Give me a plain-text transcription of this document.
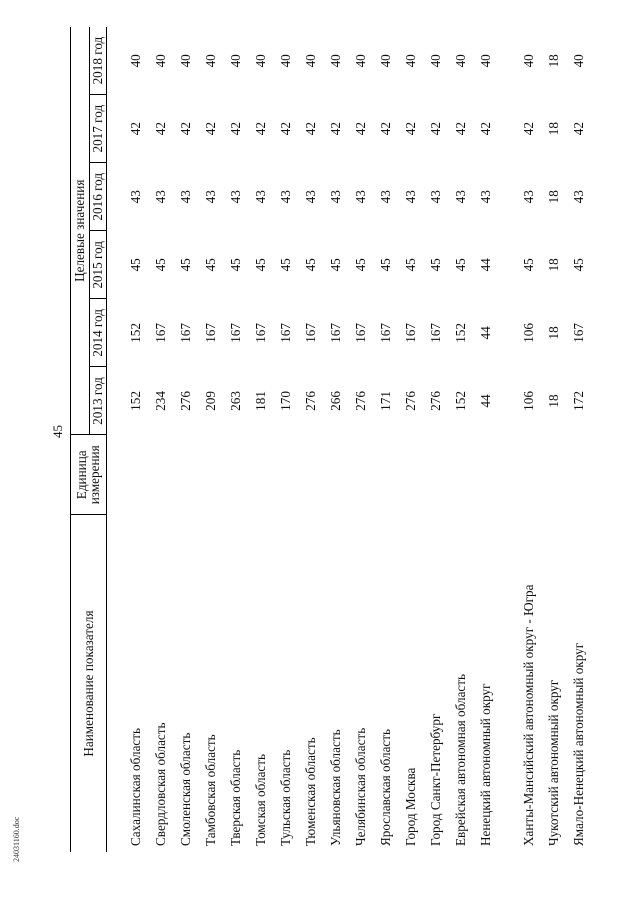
45
Наименование показателя	Единица
измерения	Целевые значения					
		2013 год	2014 год	2015 год	2016 год	2017 год	2018 год

Сахалинская область		152	152	45	43	42	40
Свердловская область		234	167	45	43	42	40
Смоленская область		276	167	45	43	42	40
Тамбовская область		209	167	45	43	42	40
Тверская область		263	167	45	43	42	40
Томская область		181	167	45	43	42	40
Тульская область		170	167	45	43	42	40
Тюменская область		276	167	45	43	42	40
Ульяновская область		266	167	45	43	42	40
Челябинская область		276	167	45	43	42	40
Ярославская область		171	167	45	43	42	40
Город Москва		276	167	45	43	42	40
Город Санкт-Петербург		276	167	45	43	42	40
Еврейская автономная область		152	152	45	43	42	40
Ненецкий автономный округ		44	44	44	43	42	40
Ханты-Мансийский автономный округ - Югра		106	106	45	43	42	40
Чукотский автономный округ		18	18	18	18	18	18
Ямало-Ненецкий автономный округ		172	167	45	43	42	40
24031160.doc
